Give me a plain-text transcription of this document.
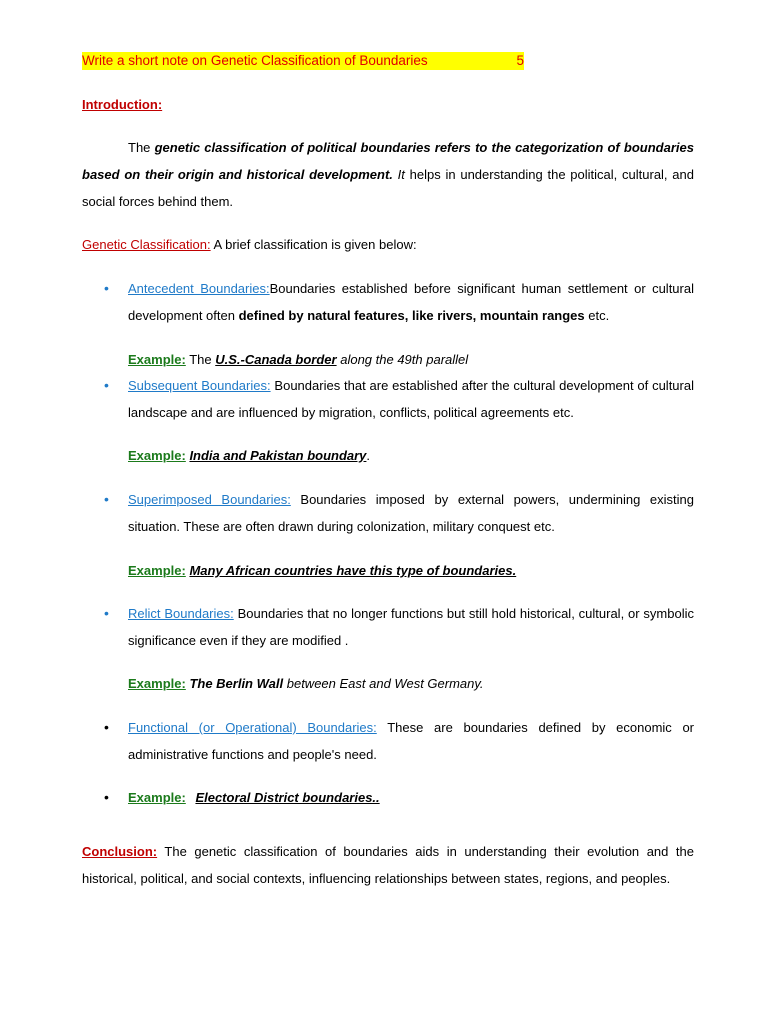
Write a short note on Genetic Classification of Boundaries	5
Introduction:
The genetic classification of political boundaries refers to the categorization of boundaries based on their origin and historical development. It helps in understanding the political, cultural, and social forces behind them.
Genetic Classification: A brief classification is given below:
• Antecedent Boundaries:Boundaries established before significant human settlement or cultural development often defined by natural features, like rivers, mountain ranges etc.
Example: The U.S.-Canada border along the 49th parallel
• Subsequent Boundaries: Boundaries that are established after the cultural development of cultural landscape and are influenced by migration, conflicts, political agreements etc.
Example: India and Pakistan boundary.
• Superimposed Boundaries: Boundaries imposed by external powers, undermining existing situation. These are often drawn during colonization, military conquest etc.
Example: Many African countries have this type of boundaries.
• Relict Boundaries: Boundaries that no longer functions but still hold historical, cultural, or symbolic significance even if they are modified .
Example: The Berlin Wall between East and West Germany.
• Functional (or Operational) Boundaries: These are boundaries defined by economic or administrative functions and people's need.
• Example: Electoral District boundaries..
Conclusion: The genetic classification of boundaries aids in understanding their evolution and the historical, political, and social contexts, influencing relationships between states, regions, and peoples.
